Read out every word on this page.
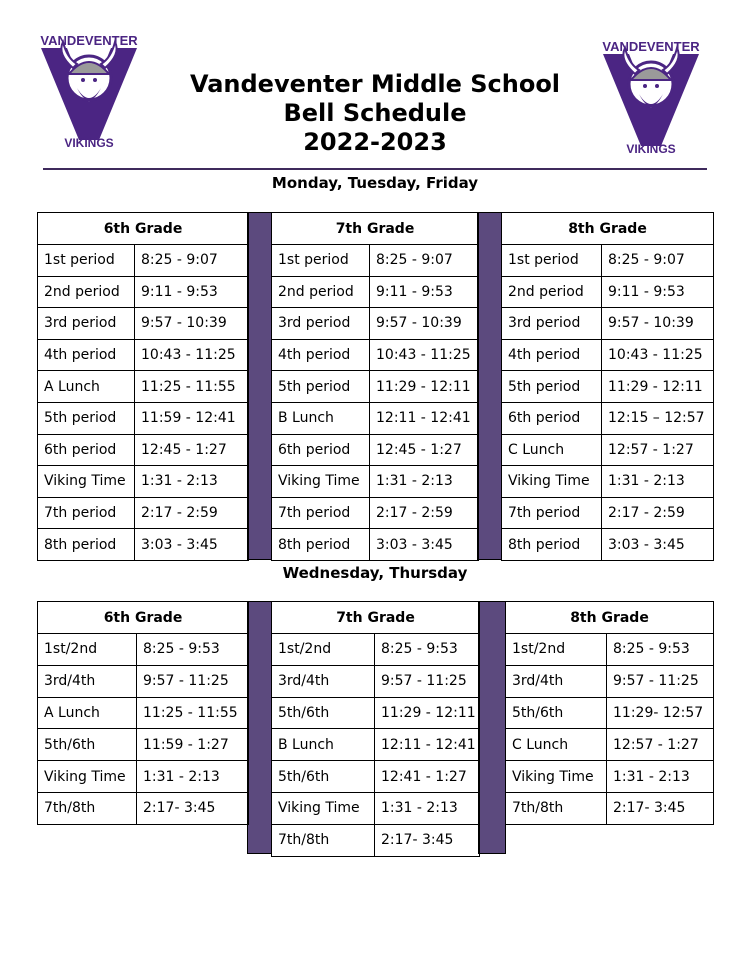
VANDEVENTER
VIKINGS
VANDEVENTER
VIKINGS
Vandeventer Middle School
Bell Schedule
2022-2023
Monday, Tuesday, Friday
6th Grade	
1st period	8:25 - 9:07
2nd period	9:11 - 9:53
3rd period	9:57 - 10:39
4th period	10:43 - 11:25
A Lunch	11:25 - 11:55
5th period	11:59 - 12:41
6th period	12:45 - 1:27
Viking Time	1:31 - 2:13
7th period	2:17 - 2:59
8th period	3:03 - 3:45
7th Grade	
1st period	8:25 - 9:07
2nd period	9:11 - 9:53
3rd period	9:57 - 10:39
4th period	10:43 - 11:25
5th period	11:29 - 12:11
B Lunch	12:11 - 12:41
6th period	12:45 - 1:27
Viking Time	1:31 - 2:13
7th period	2:17 - 2:59
8th period	3:03 - 3:45
8th Grade	
1st period	8:25 - 9:07
2nd period	9:11 - 9:53
3rd period	9:57 - 10:39
4th period	10:43 - 11:25
5th period	11:29 - 12:11
6th period	12:15 – 12:57
C Lunch	12:57 - 1:27
Viking Time	1:31 - 2:13
7th period	2:17 - 2:59
8th period	3:03 - 3:45
Wednesday, Thursday
6th Grade	
1st/2nd	8:25 - 9:53
3rd/4th	9:57 - 11:25
A Lunch	11:25 - 11:55
5th/6th	11:59 - 1:27
Viking Time	1:31 - 2:13
7th/8th	2:17- 3:45
7th Grade	
1st/2nd	8:25 - 9:53
3rd/4th	9:57 - 11:25
5th/6th	11:29 - 12:11
B Lunch	12:11 - 12:41
5th/6th	12:41 - 1:27
Viking Time	1:31 - 2:13
7th/8th	2:17- 3:45
8th Grade	
1st/2nd	8:25 - 9:53
3rd/4th	9:57 - 11:25
5th/6th	11:29- 12:57
C Lunch	12:57 - 1:27
Viking Time	1:31 - 2:13
7th/8th	2:17- 3:45
